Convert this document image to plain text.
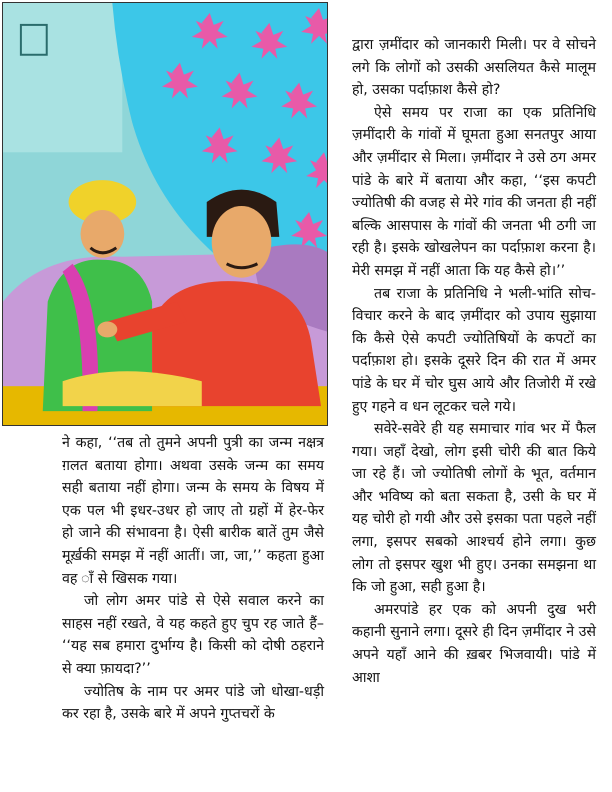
ने कहा, ‘‘तब तो तुमने अपनी पुत्री का जन्म नक्षत्र ग़लत बताया होगा। अथवा उसके जन्म का समय सही बताया नहीं होगा। जन्म के समय के विषय में एक पल भी इधर-उधर हो जाए तो ग्रहों में हेर-फेर हो जाने की संभावना है। ऐसी बारीक बातें तुम जैसे मूर्ख़की समझ में नहीं आतीं। जा, जा,’’ कहता हुआ वह ाँ से खिसक गया।

जो लोग अमर पांडे से ऐसे सवाल करने का साहस नहीं रखते, वे यह कहते हुए चुप रह जाते हैं– ‘‘यह सब हमारा दुर्भाग्य है। किसी को दोषी ठहराने से क्या फ़ायदा?’’

ज्योतिष के नाम पर अमर पांडे जो धोखा-धड़ी कर रहा है, उसके बारे में अपने गुप्तचरों के

द्वारा ज़मींदार को जानकारी मिली। पर वे सोचने लगे कि लोगों को उसकी असलियत कैसे मालूम हो, उसका पर्दाफ़ाश कैसे हो?

ऐसे समय पर राजा का एक प्रतिनिधि ज़मींदारी के गांवों में घूमता हुआ सनतपुर आया और ज़मींदार से मिला। ज़मींदार ने उसे ठग अमर पांडे के बारे में बताया और कहा, ‘‘इस कपटी ज्योतिषी की वजह से मेरे गांव की जनता ही नहीं बल्कि आसपास के गांवों की जनता भी ठगी जा रही है। इसके खोखलेपन का पर्दाफ़ाश करना है। मेरी समझ में नहीं आता कि यह कैसे हो।’’

तब राजा के प्रतिनिधि ने भली-भांति सोच-विचार करने के बाद ज़मींदार को उपाय सुझाया कि कैसे ऐसे कपटी ज्योतिषियों के कपटों का पर्दाफ़ाश हो। इसके दूसरे दिन की रात में अमर पांडे के घर में चोर घुस आये और तिजोरी में रखे हुए गहने व धन लूटकर चले गये।

सवेरे-सवेरे ही यह समाचार गांव भर में फैल गया। जहाँ देखो, लोग इसी चोरी की बात किये जा रहे हैं। जो ज्योतिषी लोगों के भूत, वर्तमान और भविष्य को बता सकता है, उसी के घर में यह चोरी हो गयी और उसे इसका पता पहले नहीं लगा, इसपर सबको आश्चर्य होने लगा। कुछ लोग तो इसपर खुश भी हुए। उनका समझना था कि जो हुआ, सही हुआ है।

अमरपांडे हर एक को अपनी दुख भरी कहानी सुनाने लगा। दूसरे ही दिन ज़मींदार ने उसे अपने यहाँ आने की ख़बर भिजवायी। पांडे में आशा
